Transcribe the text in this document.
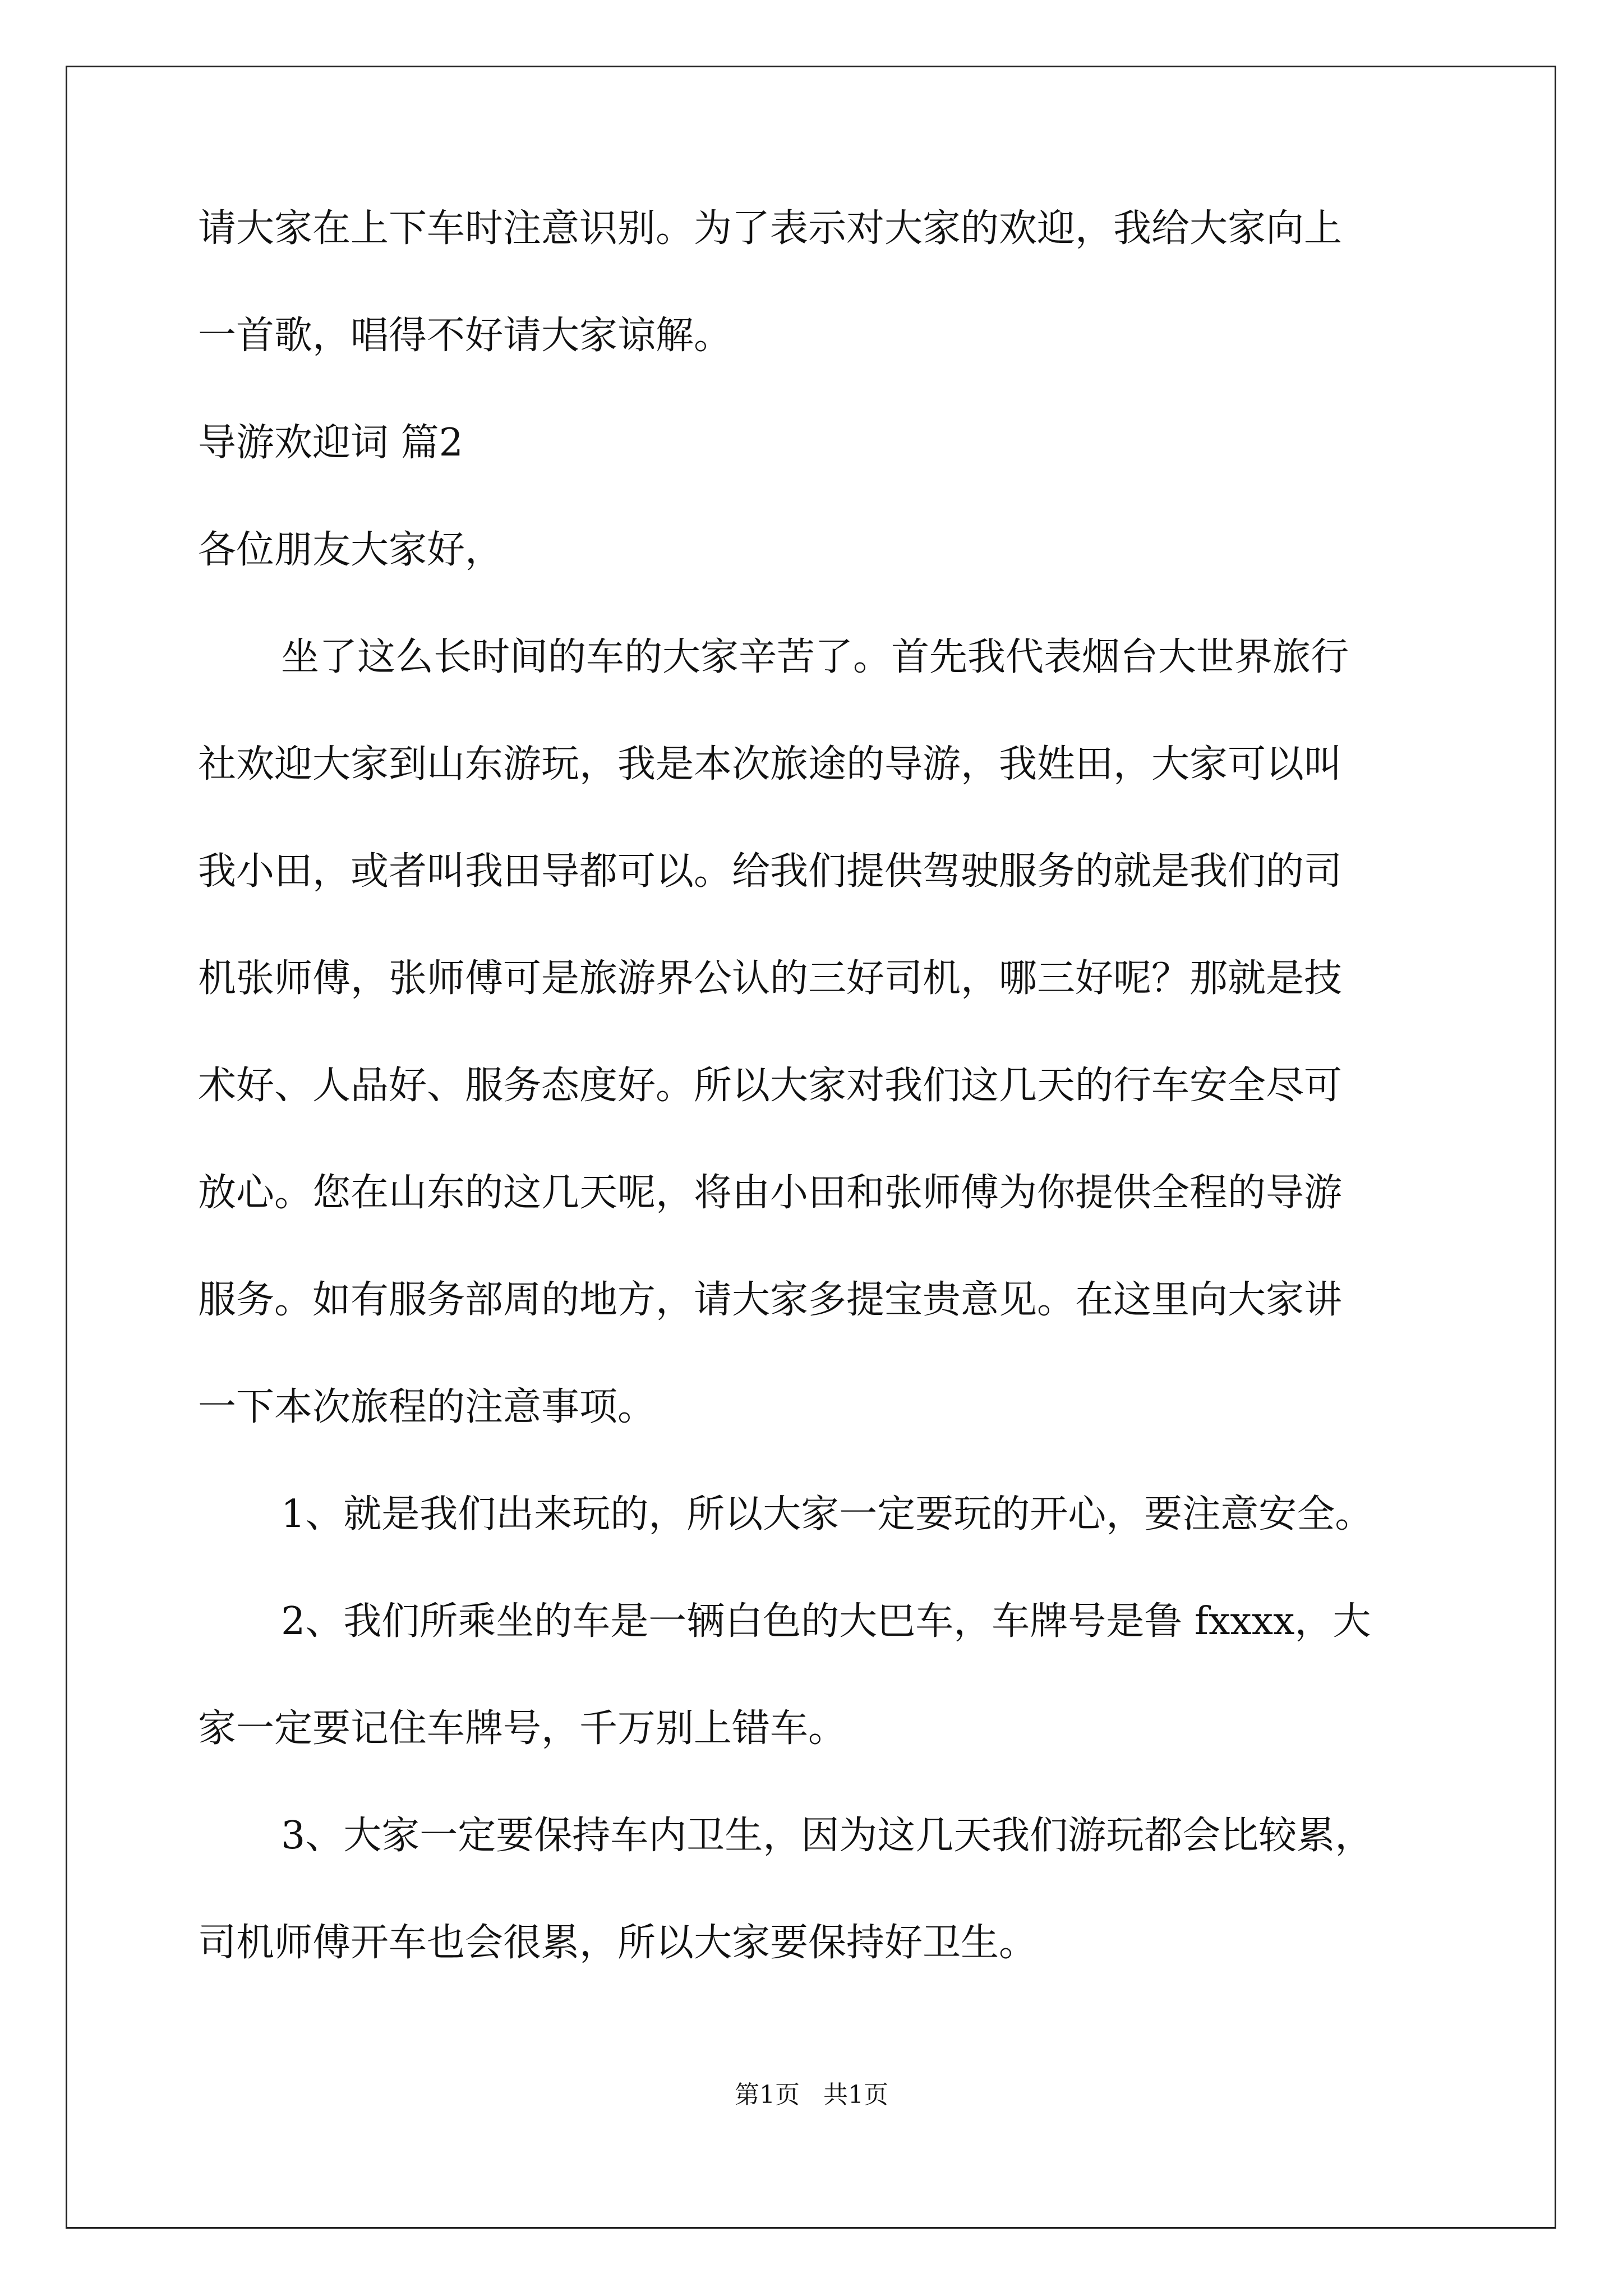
请大家在上下车时注意识别。为了表示对大家的欢迎，我给大家向上
一首歌，唱得不好请大家谅解。
导游欢迎词 篇2
各位朋友大家好，
坐了这么长时间的车的大家辛苦了。首先我代表烟台大世界旅行
社欢迎大家到山东游玩，我是本次旅途的导游，我姓田，大家可以叫
我小田，或者叫我田导都可以。给我们提供驾驶服务的就是我们的司
机张师傅，张师傅可是旅游界公认的三好司机，哪三好呢？那就是技
术好、人品好、服务态度好。所以大家对我们这几天的行车安全尽可
放心。您在山东的这几天呢，将由小田和张师傅为你提供全程的导游
服务。如有服务部周的地方，请大家多提宝贵意见。在这里向大家讲
一下本次旅程的注意事项。
1、就是我们出来玩的，所以大家一定要玩的开心，要注意安全。
2、我们所乘坐的车是一辆白色的大巴车，车牌号是鲁 fxxxx，大
家一定要记住车牌号，千万别上错车。
3、大家一定要保持车内卫生，因为这几天我们游玩都会比较累，
司机师傅开车也会很累，所以大家要保持好卫生。
第1页   共1页
